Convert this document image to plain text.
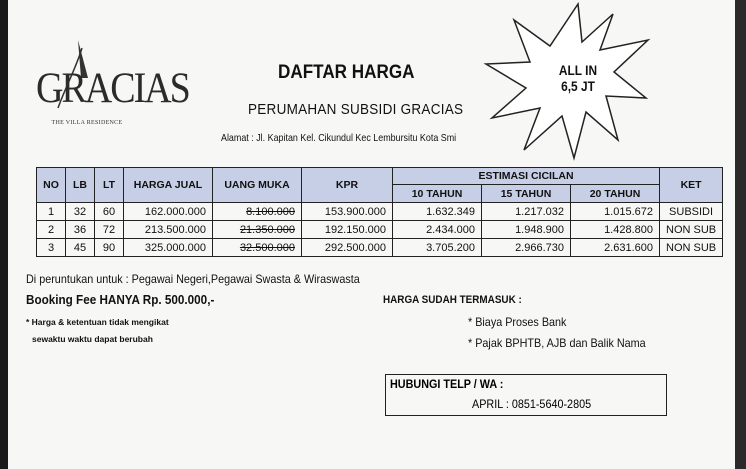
GRACIAS
THE VILLA RESIDENCE
DAFTAR HARGA
PERUMAHAN SUBSIDI GRACIAS
Alamat : Jl. Kapitan Kel. Cikundul Kec Lembursitu Kota Smi
ALL IN
6,5 JT
NO	LB	LT	HARGA JUAL	UANG MUKA	KPR	ESTIMASI CICILAN			KET
						10 TAHUN	15 TAHUN	20 TAHUN	
1	32	60	162.000.000	8.100.000	153.900.000	1.632.349	1.217.032	1.015.672	SUBSIDI
2	36	72	213.500.000	21.350.000	192.150.000	2.434.000	1.948.900	1.428.800	NON SUB
3	45	90	325.000.000	32.500.000	292.500.000	3.705.200	2.966.730	2.631.600	NON SUB
Di peruntukan untuk : Pegawai Negeri,Pegawai Swasta & Wiraswasta
Booking Fee HANYA Rp. 500.000,-
* Harga & ketentuan tidak mengikat
sewaktu waktu dapat berubah
HARGA SUDAH TERMASUK :
* Biaya Proses Bank
* Pajak BPHTB, AJB dan Balik Nama
HUBUNGI TELP / WA :
APRIL : 0851-5640-2805
